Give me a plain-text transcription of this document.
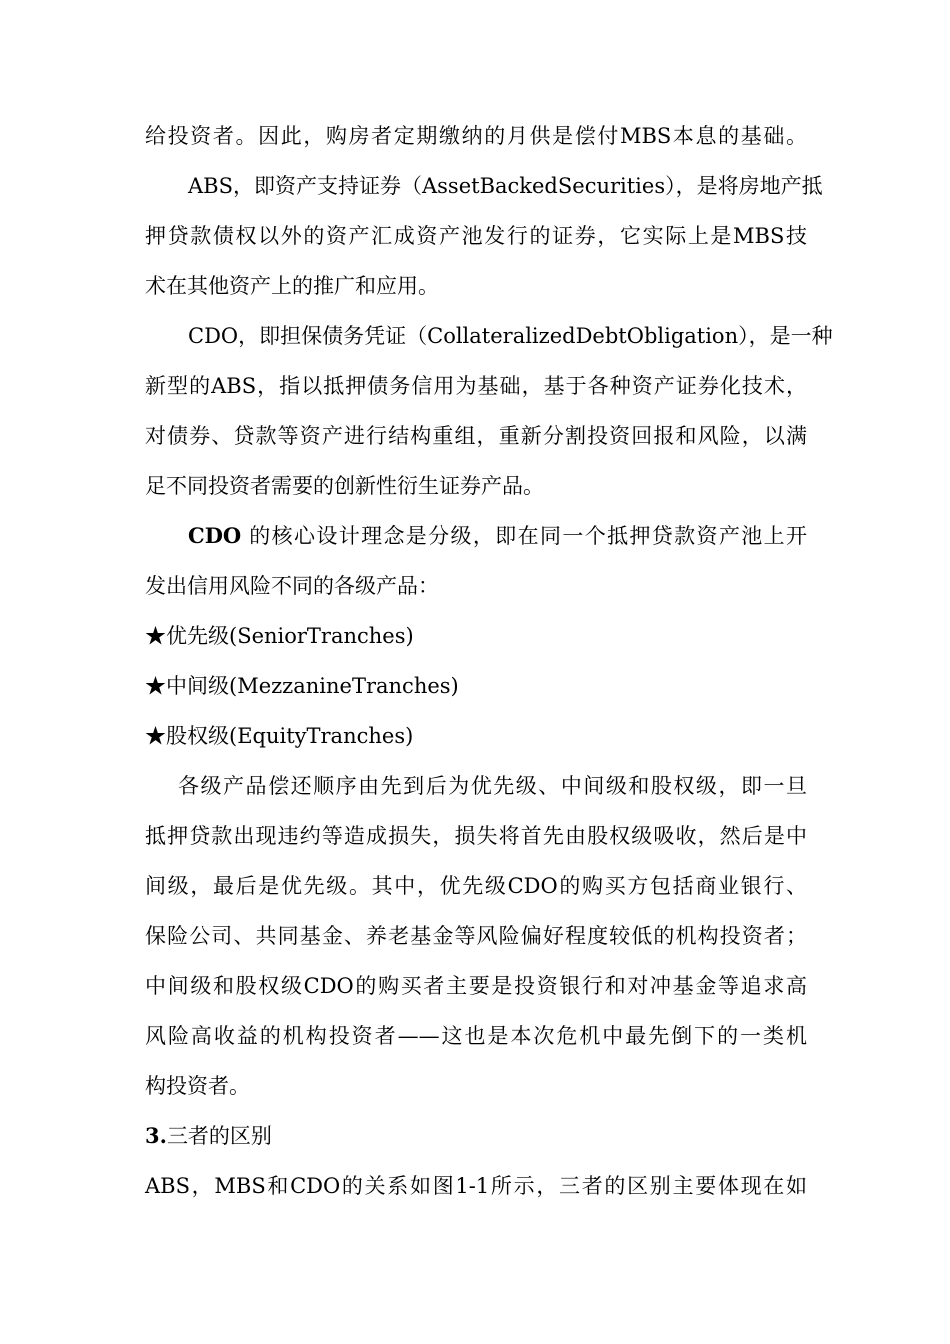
给投资者。因此，购房者定期缴纳的月供是偿付MBS本息的基础。
ABS，即资产支持证券（AssetBackedSecurities），是将房地产抵
押贷款债权以外的资产汇成资产池发行的证券，它实际上是MBS技
术在其他资产上的推广和应用。
CDO，即担保债务凭证（CollateralizedDebtObligation），是一种
新型的ABS，指以抵押债务信用为基础，基于各种资产证券化技术，
对债券、贷款等资产进行结构重组，重新分割投资回报和风险，以满
足不同投资者需要的创新性衍生证券产品。
CDO 的核心设计理念是分级，即在同一个抵押贷款资产池上开
发出信用风险不同的各级产品：
★优先级(SeniorTranches)
★中间级(MezzanineTranches)
★股权级(EquityTranches)
各级产品偿还顺序由先到后为优先级、中间级和股权级，即一旦
抵押贷款出现违约等造成损失，损失将首先由股权级吸收，然后是中
间级，最后是优先级。其中，优先级CDO的购买方包括商业银行、
保险公司、共同基金、养老基金等风险偏好程度较低的机构投资者；
中间级和股权级CDO的购买者主要是投资银行和对冲基金等追求高
风险高收益的机构投资者——这也是本次危机中最先倒下的一类机
构投资者。
3.三者的区别
ABS，MBS和CDO的关系如图1-1所示，三者的区别主要体现在如
